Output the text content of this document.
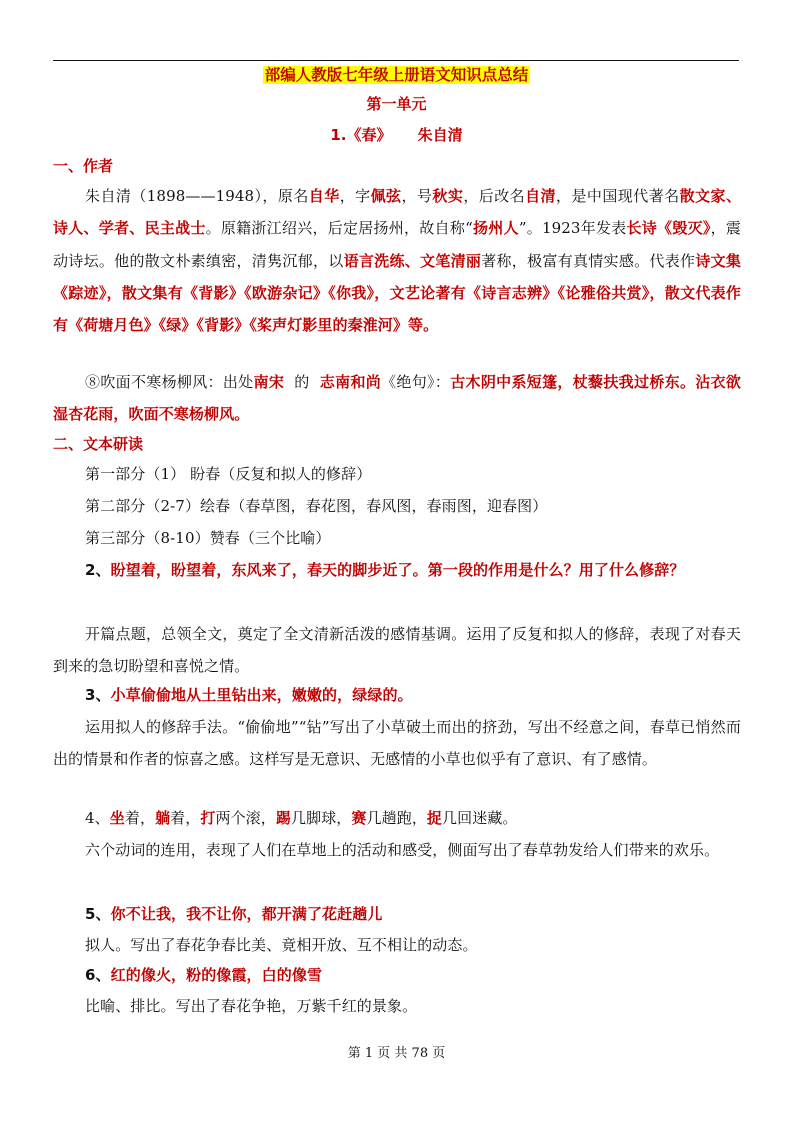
部编人教版七年级上册语文知识点总结
第一单元
1.《春》     朱自清
一、作者
朱自清（1898——1948），原名自华，字佩弦，号秋实，后改名自清，是中国现代著名散文家、诗人、学者、民主战士。原籍浙江绍兴，后定居扬州，故自称“扬州人”。1923年发表长诗《毁灭》，震动诗坛。他的散文朴素缜密，清隽沉郁，以语言洗练、文笔清丽著称，极富有真情实感。代表作诗文集《踪迹》，散文集有《背影》《欧游杂记》《你我》，文艺论著有《诗言志辨》《论雅俗共赏》，散文代表作有《荷塘月色》《绿》《背影》《桨声灯影里的秦淮河》等。
⑧吹面不寒杨柳风：出处南宋  的  志南和尚《绝句》：古木阴中系短篷，杖藜扶我过桥东。沾衣欲湿杏花雨，吹面不寒杨柳风。
二、文本研读
第一部分（1） 盼春（反复和拟人的修辞）
第二部分（2-7）绘春（春草图，春花图，春风图，春雨图，迎春图）
第三部分（8-10）赞春（三个比喻）
2、盼望着，盼望着，东风来了，春天的脚步近了。第一段的作用是什么？用了什么修辞？
开篇点题，总领全文，奠定了全文清新活泼的感情基调。运用了反复和拟人的修辞，表现了对春天到来的急切盼望和喜悦之情。
3、小草偷偷地从土里钻出来，嫩嫩的，绿绿的。
运用拟人的修辞手法。“偷偷地”“钻”写出了小草破土而出的挤劲，写出不经意之间，春草已悄然而出的情景和作者的惊喜之感。这样写是无意识、无感情的小草也似乎有了意识、有了感情。
4、坐着，躺着，打两个滚，踢几脚球，赛几趟跑，捉几回迷藏。
六个动词的连用，表现了人们在草地上的活动和感受，侧面写出了春草勃发给人们带来的欢乐。
5、你不让我，我不让你，都开满了花赶趟儿
拟人。写出了春花争春比美、竟相开放、互不相让的动态。
6、红的像火，粉的像霞，白的像雪
比喻、排比。写出了春花争艳，万紫千红的景象。
第 1 页 共 78 页
